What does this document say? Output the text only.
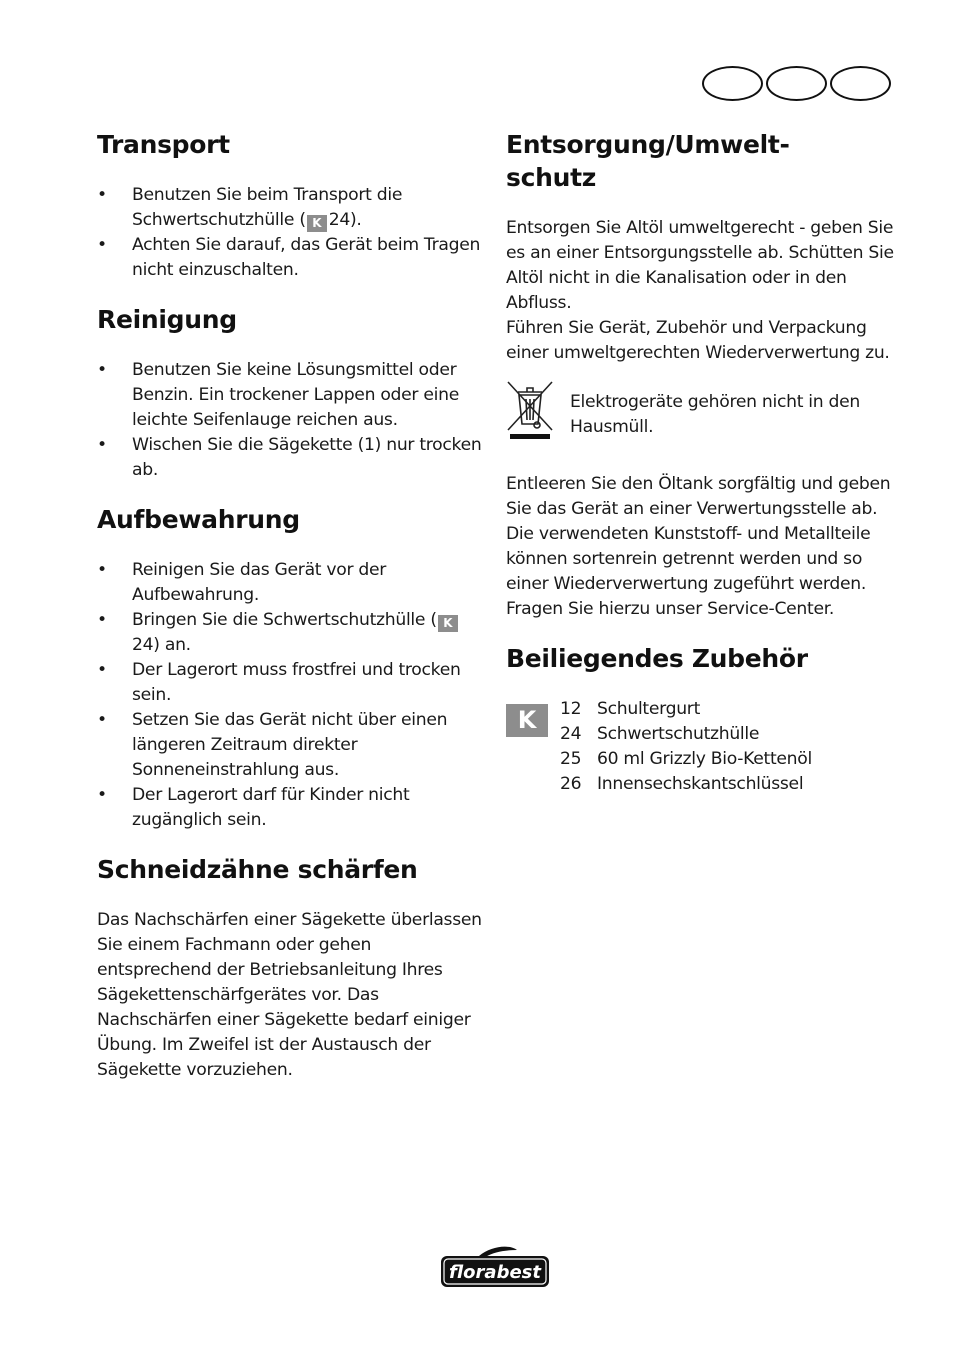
Transport
• Benutzen Sie beim Transport die Schwertschutzhülle ( K 24).
• Achten Sie darauf, das Gerät beim Tragen nicht einzuschalten.
Reinigung
• Benutzen Sie keine Lösungsmittel oder Benzin. Ein trockener Lappen oder eine leichte Seifenlauge reichen aus.
• Wischen Sie die Sägekette (1) nur trocken ab.
Aufbewahrung
• Reinigen Sie das Gerät vor der Aufbewahrung.
• Bringen Sie die Schwertschutzhülle ( K24) an.
• Der Lagerort muss frostfrei und trocken sein.
• Setzen Sie das Gerät nicht über einen längeren Zeitraum direkter Sonneneinstrahlung aus.
• Der Lagerort darf für Kinder nicht zugänglich sein.
Schneidzähne schärfen

Das Nachschärfen einer Sägekette überlassen Sie einem Fachmann oder gehen entsprechend der Betriebsanleitung Ihres Sägekettenschärfgerätes vor. Das Nachschärfen einer Sägekette bedarf einiger Übung. Im Zweifel ist der Austausch der Sägekette vorzuziehen.

Entsorgung/Umwelt-
schutz

Entsorgen Sie Altöl umweltgerecht - geben Sie es an einer Entsorgungsstelle ab. Schütten Sie Altöl nicht in die Kanalisation oder in den Abfluss.

Führen Sie Gerät, Zubehör und Verpackung einer umweltgerechten Wiederverwertung zu.

Elektrogeräte gehören nicht in den Hausmüll.

Entleeren Sie den Öltank sorgfältig und geben Sie das Gerät an einer Verwertungsstelle ab. Die verwendeten Kunststoff- und Metallteile können sortenrein getrennt werden und so einer Wiederverwertung zugeführt werden. Fragen Sie hierzu unser Service-Center.

Beiliegendes Zubehör
K	12	Schultergurt
24	Schwertschutzhülle
25	60 ml Grizzly Bio-Kettenöl
26	Innensechskantschlüssel
florabest
